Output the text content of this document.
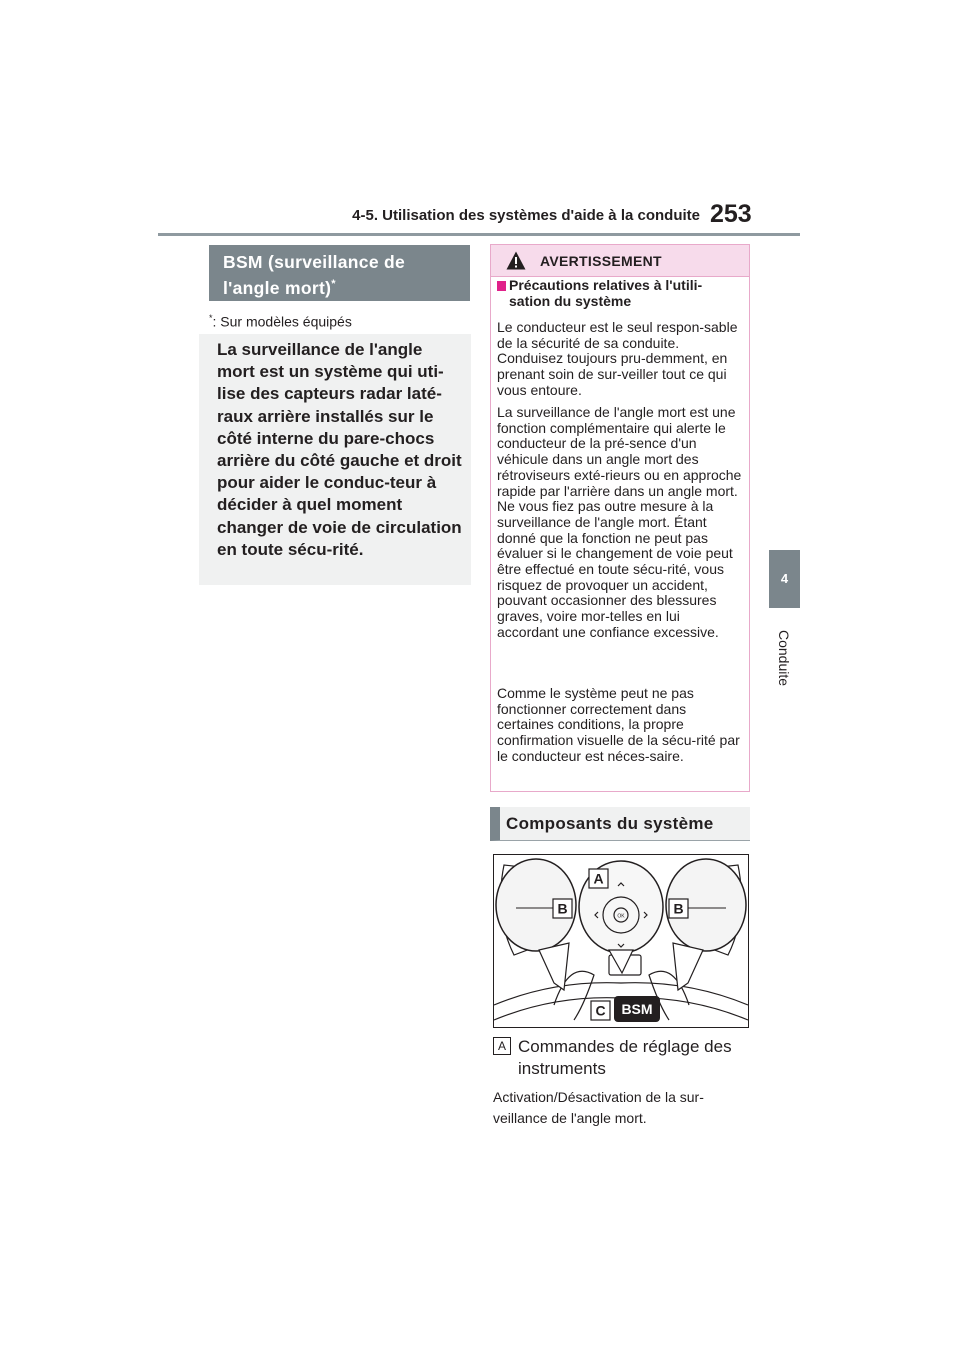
4-5. Utilisation des systèmes d'aide à la conduite 253
4
Conduite
BSM (surveillance de l'angle mort)*
*: Sur modèles équipés
La surveillance de l'angle mort est un système qui uti-lise des capteurs radar laté-raux arrière installés sur le côté interne du pare-chocs arrière du côté gauche et droit pour aider le conduc-teur à décider à quel moment changer de voie de circulation en toute sécu-rité.
AVERTISSEMENT
Précautions relatives à l'utili-sation du système

Le conducteur est le seul respon-sable de la sécurité de sa conduite. Conduisez toujours pru-demment, en prenant soin de sur-veiller tout ce qui vous entoure.

La surveillance de l'angle mort est une fonction complémentaire qui alerte le conducteur de la pré-sence d'un véhicule dans un angle mort des rétroviseurs exté-rieurs ou en approche rapide par l'arrière dans un angle mort. Ne vous fiez pas outre mesure à la surveillance de l'angle mort. Étant donné que la fonction ne peut pas évaluer si le changement de voie peut être effectué en toute sécu-rité, vous risquez de provoquer un accident, pouvant occasionner des blessures graves, voire mor-telles en lui accordant une confiance excessive.

Comme le système peut ne pas fonctionner correctement dans certaines conditions, la propre confirmation visuelle de la sécu-rité par le conducteur est néces-saire.

Composants du système
OK
A
B	B
C BSM
A Commandes de réglage des instruments
Activation/Désactivation de la sur-veillance de l'angle mort.
